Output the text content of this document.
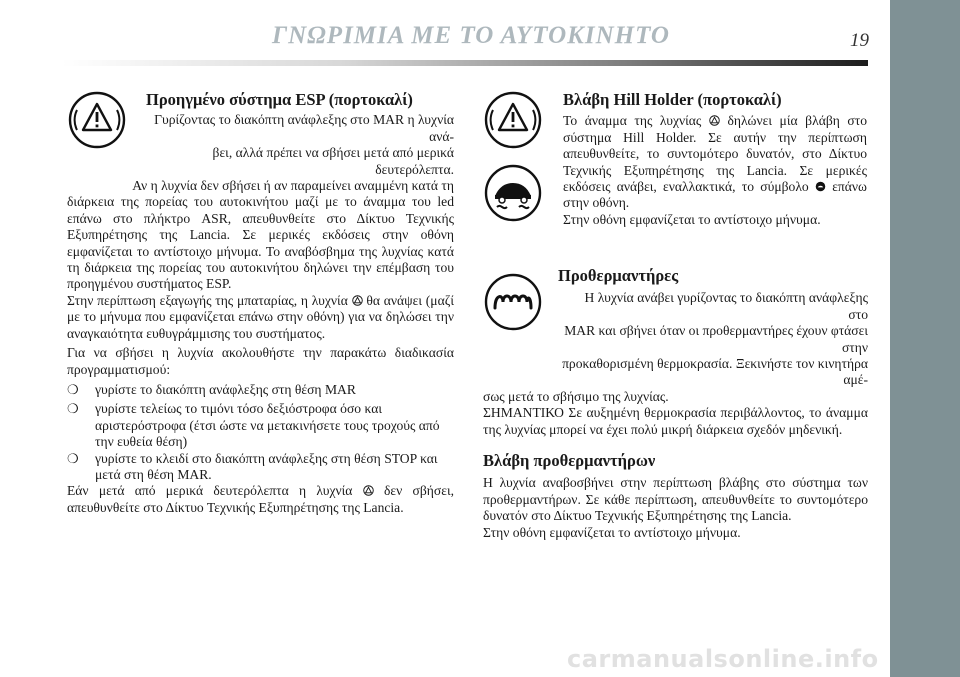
ΓΝΩΡΙΜΙΑ ΜΕ ΤΟ ΑΥΤΟΚΙΝΗΤΟ	19
Προηγμένο σύστημα ESP (πορτοκαλί)

Γυρίζοντας το διακόπτη ανάφλεξης στο MAR η λυχνία ανά-

βει, αλλά πρέπει να σβήσει μετά από μερικά δευτερόλεπτα.

Αν η λυχνία δεν σβήσει ή αν παραμείνει αναμμένη κατά τη

διάρκεια της πορείας του αυτοκινήτου μαζί με το άναμμα του led επάνω στο πλήκτρο ASR, απευθυνθείτε στο Δίκτυο Τεχνικής Εξυπηρέτησης της Lancia. Σε μερικές εκδόσεις στην οθόνη εμφανίζεται το αντίστοιχο μήνυμα. Το αναβόσβημα της λυχνίας κατά τη διάρκεια της πορείας του αυτοκινήτου δηλώνει την επέμβαση του προηγμένου συστήματος ESP.

Στην περίπτωση εξαγωγής της μπαταρίας, η λυχνία θα ανάψει (μαζί με το μήνυμα που εμφανίζεται επάνω στην οθόνη) για να δηλώσει την αναγκαιότητα ευθυγράμμισης του συστήματος.

Για να σβήσει η λυχνία ακολουθήστε την παρακάτω διαδικασία προγραμματισμού:

❍ γυρίστε το διακόπτη ανάφλεξης στη θέση MAR
❍ γυρίστε τελείως το τιμόνι τόσο δεξιόστροφα όσο και αριστερόστροφα (έτσι ώστε να μετακινήσετε τους τροχούς από την ευθεία θέση)
❍ γυρίστε το κλειδί στο διακόπτη ανάφλεξης στη θέση STOP και μετά στη θέση MAR.

Εάν μετά από μερικά δευτερόλεπτα η λυχνία δεν σβήσει, απευθυνθείτε στο Δίκτυο Τεχνικής Εξυπηρέτησης της Lancia.

Βλάβη Hill Holder (πορτοκαλί)

Το άναμμα της λυχνίας δηλώνει μία βλάβη στο σύστημα Hill Holder. Σε αυτήν την περίπτωση απευθυνθείτε, το συντομότερο δυνατόν, στο Δίκτυο Τεχνικής Εξυπηρέτησης της Lancia. Σε μερικές εκδόσεις ανάβει, εναλλακτικά, το σύμβολο επάνω στην οθόνη.

Στην οθόνη εμφανίζεται το αντίστοιχο μήνυμα.

Προθερμαντήρες

Η λυχνία ανάβει γυρίζοντας το διακόπτη ανάφλεξης στο

MAR και σβήνει όταν οι προθερμαντήρες έχουν φτάσει στην

προκαθορισμένη θερμοκρασία. Ξεκινήστε τον κινητήρα αμέ-

σως μετά το σβήσιμο της λυχνίας.

ΣΗΜΑΝΤΙΚΟ Σε αυξημένη θερμοκρασία περιβάλλοντος, το άναμμα της λυχνίας μπορεί να έχει πολύ μικρή διάρκεια σχεδόν μηδενική.

Βλάβη προθερμαντήρων

Η λυχνία αναβοσβήνει στην περίπτωση βλάβης στο σύστημα των προθερμαντήρων. Σε κάθε περίπτωση, απευθυνθείτε το συντομότερο δυνατόν στο Δίκτυο Τεχνικής Εξυπηρέτησης της Lancia.

Στην οθόνη εμφανίζεται το αντίστοιχο μήνυμα.

carmanualsonline.info
